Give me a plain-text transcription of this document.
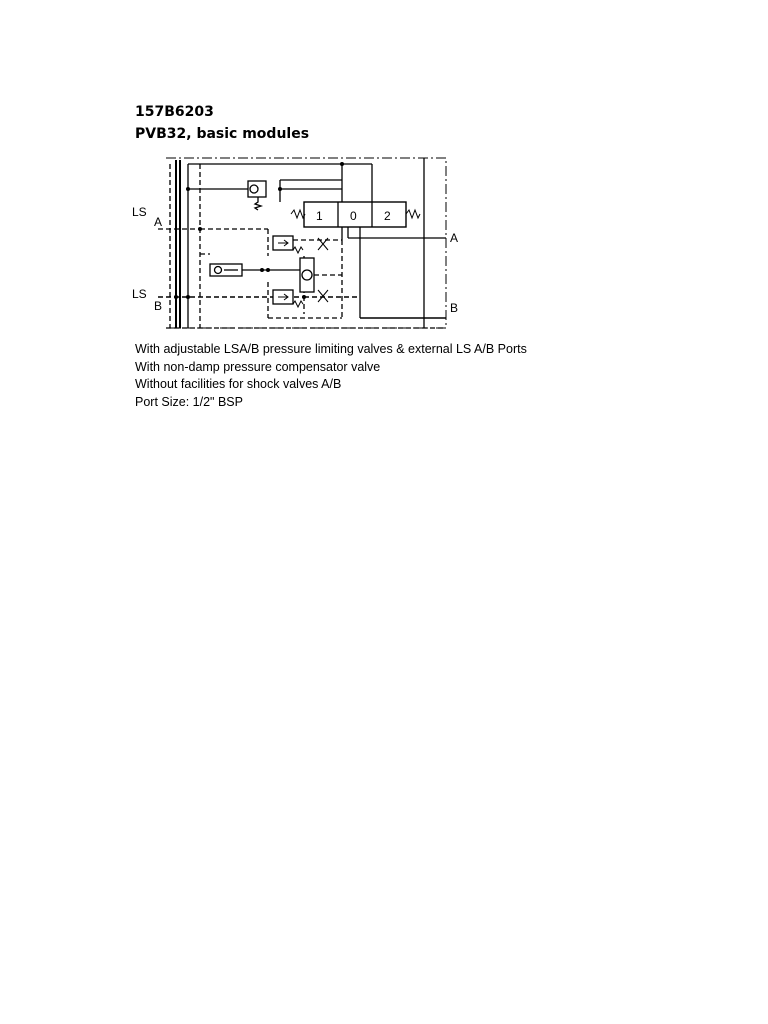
157B6203
PVB32, basic modules
LS
A
LS
B
A
B
1 0 2
With adjustable LSA/B pressure limiting valves & external LS A/B Ports
With non-damp pressure compensator valve
Without facilities for shock valves A/B
Port Size: 1/2" BSP
